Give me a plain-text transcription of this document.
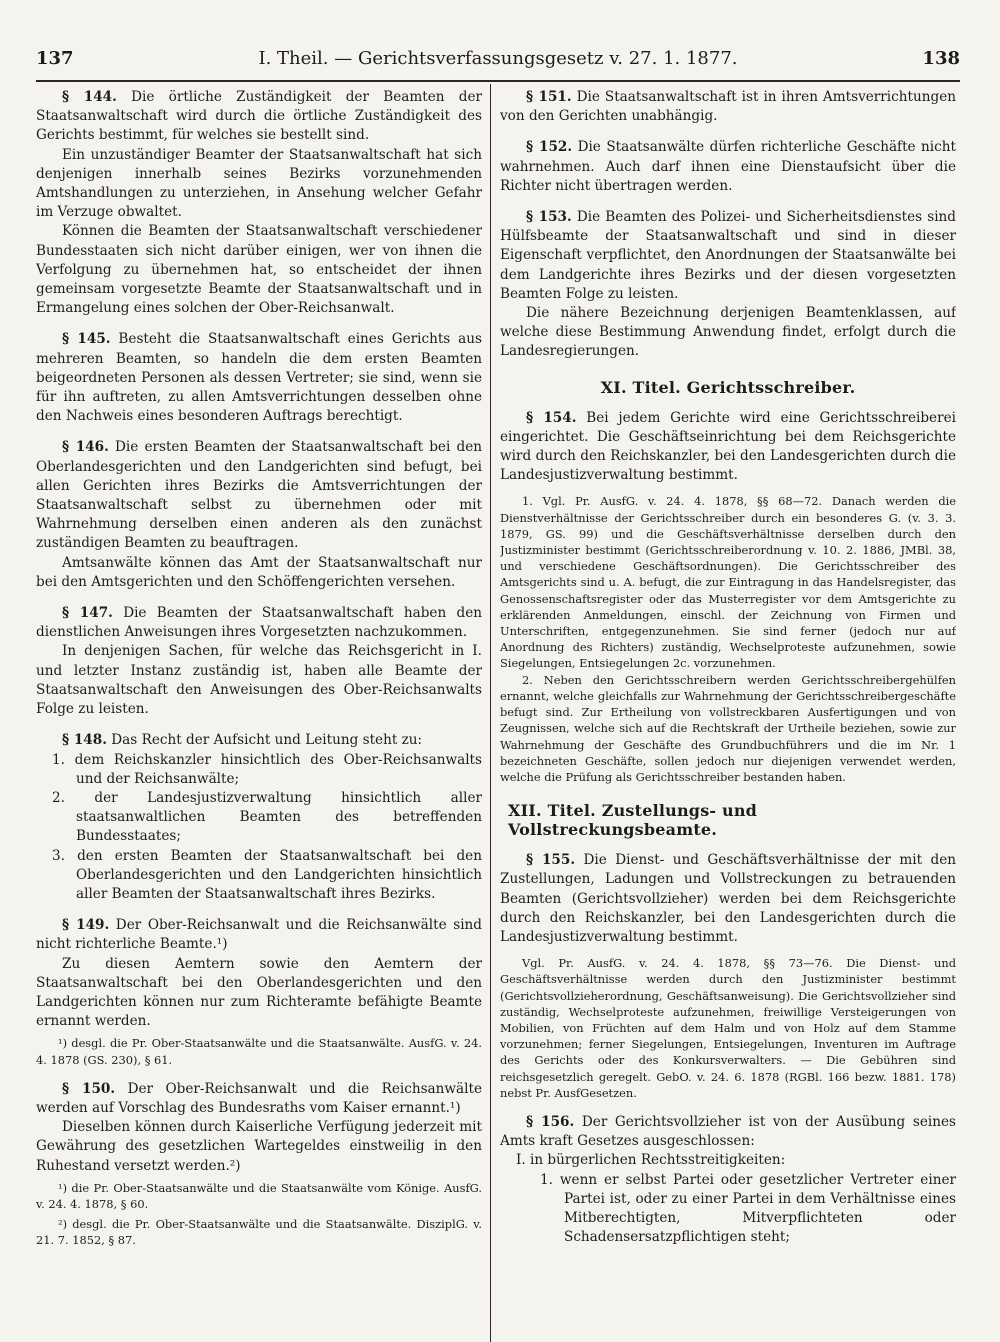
137	I. Theil. — Gerichtsverfassungsgesetz v. 27. 1. 1877.	138

§ 144. Die örtliche Zuständigkeit der Beamten der Staatsanwaltschaft wird durch die örtliche Zuständigkeit des Gerichts bestimmt, für welches sie bestellt sind.

Ein unzuständiger Beamter der Staatsanwaltschaft hat sich denjenigen innerhalb seines Bezirks vorzunehmenden Amtshandlungen zu unterziehen, in Ansehung welcher Gefahr im Verzuge obwaltet.

Können die Beamten der Staatsanwaltschaft verschiedener Bundesstaaten sich nicht darüber einigen, wer von ihnen die Verfolgung zu übernehmen hat, so entscheidet der ihnen gemeinsam vorgesetzte Beamte der Staatsanwaltschaft und in Ermangelung eines solchen der Ober-Reichsanwalt.

§ 145. Besteht die Staatsanwaltschaft eines Gerichts aus mehreren Beamten, so handeln die dem ersten Beamten beigeordneten Personen als dessen Vertreter; sie sind, wenn sie für ihn auftreten, zu allen Amtsverrichtungen desselben ohne den Nachweis eines besonderen Auftrags berechtigt.

§ 146. Die ersten Beamten der Staatsanwaltschaft bei den Oberlandesgerichten und den Landgerichten sind befugt, bei allen Gerichten ihres Bezirks die Amtsverrichtungen der Staatsanwaltschaft selbst zu übernehmen oder mit Wahrnehmung derselben einen anderen als den zunächst zuständigen Beamten zu beauftragen.

Amtsanwälte können das Amt der Staatsanwaltschaft nur bei den Amtsgerichten und den Schöffengerichten versehen.

§ 147. Die Beamten der Staatsanwaltschaft haben den dienstlichen Anweisungen ihres Vorgesetzten nachzukommen.

In denjenigen Sachen, für welche das Reichsgericht in I. und letzter Instanz zuständig ist, haben alle Beamte der Staatsanwaltschaft den Anweisungen des Ober-Reichsanwalts Folge zu leisten.

§ 148. Das Recht der Aufsicht und Leitung steht zu:

1. dem Reichskanzler hinsichtlich des Ober-Reichsanwalts und der Reichsanwälte;

2. der Landesjustizverwaltung hinsichtlich aller staatsanwaltlichen Beamten des betreffenden Bundesstaates;

3. den ersten Beamten der Staatsanwaltschaft bei den Oberlandesgerichten und den Landgerichten hinsichtlich aller Beamten der Staatsanwaltschaft ihres Bezirks.

§ 149. Der Ober-Reichsanwalt und die Reichsanwälte sind nicht richterliche Beamte.¹)

Zu diesen Aemtern sowie den Aemtern der Staatsanwaltschaft bei den Oberlandesgerichten und den Landgerichten können nur zum Richteramte befähigte Beamte ernannt werden.

¹) desgl. die Pr. Ober-Staatsanwälte und die Staatsanwälte. AusfG. v. 24. 4. 1878 (GS. 230), § 61.

§ 150. Der Ober-Reichsanwalt und die Reichsanwälte werden auf Vorschlag des Bundesraths vom Kaiser ernannt.¹)

Dieselben können durch Kaiserliche Verfügung jederzeit mit Gewährung des gesetzlichen Wartegeldes einstweilig in den Ruhestand versetzt werden.²)

¹) die Pr. Ober-Staatsanwälte und die Staatsanwälte vom Könige. AusfG. v. 24. 4. 1878, § 60.

²) desgl. die Pr. Ober-Staatsanwälte und die Staatsanwälte. DisziplG. v. 21. 7. 1852, § 87.

§ 151. Die Staatsanwaltschaft ist in ihren Amtsverrichtungen von den Gerichten unabhängig.

§ 152. Die Staatsanwälte dürfen richterliche Geschäfte nicht wahrnehmen. Auch darf ihnen eine Dienstaufsicht über die Richter nicht übertragen werden.

§ 153. Die Beamten des Polizei- und Sicherheitsdienstes sind Hülfsbeamte der Staatsanwaltschaft und sind in dieser Eigenschaft verpflichtet, den Anordnungen der Staatsanwälte bei dem Landgerichte ihres Bezirks und der diesen vorgesetzten Beamten Folge zu leisten.

Die nähere Bezeichnung derjenigen Beamtenklassen, auf welche diese Bestimmung Anwendung findet, erfolgt durch die Landesregierungen.

XI. Titel. Gerichtsschreiber.

§ 154. Bei jedem Gerichte wird eine Gerichtsschreiberei eingerichtet. Die Geschäftseinrichtung bei dem Reichsgerichte wird durch den Reichskanzler, bei den Landesgerichten durch die Landesjustizverwaltung bestimmt.

1. Vgl. Pr. AusfG. v. 24. 4. 1878, §§ 68—72. Danach werden die Dienstverhältnisse der Gerichtsschreiber durch ein besonderes G. (v. 3. 3. 1879, GS. 99) und die Geschäftsverhältnisse derselben durch den Justizminister bestimmt (Gerichtsschreiberordnung v. 10. 2. 1886, JMBl. 38, und verschiedene Geschäftsordnungen). Die Gerichtsschreiber des Amtsgerichts sind u. A. befugt, die zur Eintragung in das Handelsregister, das Genossenschaftsregister oder das Musterregister vor dem Amtsgerichte zu erklärenden Anmeldungen, einschl. der Zeichnung von Firmen und Unterschriften, entgegenzunehmen. Sie sind ferner (jedoch nur auf Anordnung des Richters) zuständig, Wechselproteste aufzunehmen, sowie Siegelungen, Entsiegelungen 2c. vorzunehmen.

2. Neben den Gerichtsschreibern werden Gerichtsschreibergehülfen ernannt, welche gleichfalls zur Wahrnehmung der Gerichtsschreibergeschäfte befugt sind. Zur Ertheilung von vollstreckbaren Ausfertigungen und von Zeugnissen, welche sich auf die Rechtskraft der Urtheile beziehen, sowie zur Wahrnehmung der Geschäfte des Grundbuchführers und die im Nr. 1 bezeichneten Geschäfte, sollen jedoch nur diejenigen verwendet werden, welche die Prüfung als Gerichtsschreiber bestanden haben.

XII. Titel. Zustellungs- und Vollstreckungsbeamte.

§ 155. Die Dienst- und Geschäftsverhältnisse der mit den Zustellungen, Ladungen und Vollstreckungen zu betrauenden Beamten (Gerichtsvollzieher) werden bei dem Reichsgerichte durch den Reichskanzler, bei den Landesgerichten durch die Landesjustizverwaltung bestimmt.

Vgl. Pr. AusfG. v. 24. 4. 1878, §§ 73—76. Die Dienst- und Geschäftsverhältnisse werden durch den Justizminister bestimmt (Gerichtsvollzieherordnung, Geschäftsanweisung). Die Gerichtsvollzieher sind zuständig, Wechselproteste aufzunehmen, freiwillige Versteigerungen von Mobilien, von Früchten auf dem Halm und von Holz auf dem Stamme vorzunehmen; ferner Siegelungen, Entsiegelungen, Inventuren im Auftrage des Gerichts oder des Konkursverwalters. — Die Gebühren sind reichsgesetzlich geregelt. GebO. v. 24. 6. 1878 (RGBl. 166 bezw. 1881. 178) nebst Pr. AusfGesetzen.

§ 156. Der Gerichtsvollzieher ist von der Ausübung seines Amts kraft Gesetzes ausgeschlossen:

I. in bürgerlichen Rechtsstreitigkeiten:

1. wenn er selbst Partei oder gesetzlicher Vertreter einer Partei ist, oder zu einer Partei in dem Verhältnisse eines Mitberechtigten, Mitverpflichteten oder Schadensersatzpflichtigen steht;
